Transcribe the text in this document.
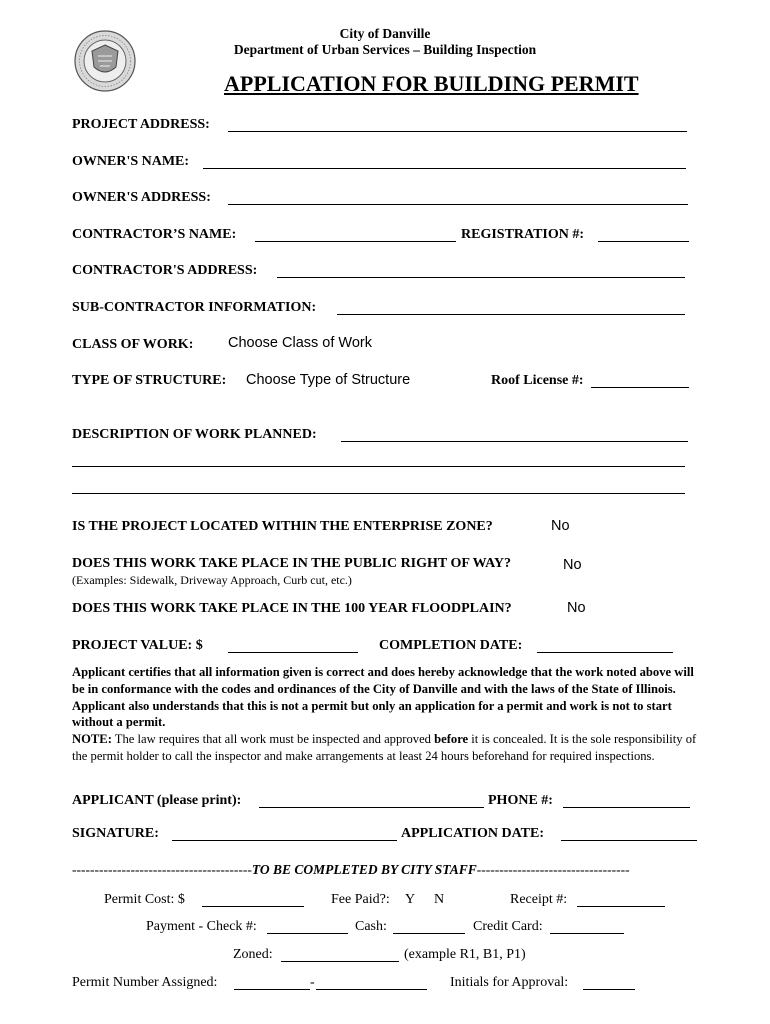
City of Danville
Department of Urban Services – Building Inspection
APPLICATION FOR BUILDING PERMIT
PROJECT ADDRESS:
OWNER'S NAME:
OWNER'S ADDRESS:
CONTRACTOR’S NAME:	REGISTRATION #:
CONTRACTOR'S ADDRESS:
SUB-CONTRACTOR INFORMATION:
CLASS OF WORK: Choose Class of Work
TYPE OF STRUCTURE: Choose Type of Structure	Roof License #:
DESCRIPTION OF WORK PLANNED:
IS THE PROJECT LOCATED WITHIN THE ENTERPRISE ZONE?	No
DOES THIS WORK TAKE PLACE IN THE PUBLIC RIGHT OF WAY?	No
(Examples: Sidewalk, Driveway Approach, Curb cut, etc.)
DOES THIS WORK TAKE PLACE IN THE 100 YEAR FLOODPLAIN?	No
PROJECT VALUE: $	COMPLETION DATE:

Applicant certifies that all information given is correct and does hereby acknowledge that the work noted above will be in conformance with the codes and ordinances of the City of Danville and with the laws of the State of Illinois. Applicant also understands that this is not a permit but only an application for a permit and work is not to start without a permit.

NOTE: The law requires that all work must be inspected and approved before it is concealed. It is the sole responsibility of the permit holder to call the inspector and make arrangements at least 24 hours beforehand for required inspections.

APPLICANT (please print):	PHONE #:
SIGNATURE:	APPLICATION DATE:
----------------------------------------TO BE COMPLETED BY CITY STAFF----------------------------------
Permit Cost: $	Fee Paid?: Y N	Receipt #:
Payment - Check #:	Cash:	Credit Card:
Zoned:	(example R1, B1, P1)
Permit Number Assigned:	-	Initials for Approval:
